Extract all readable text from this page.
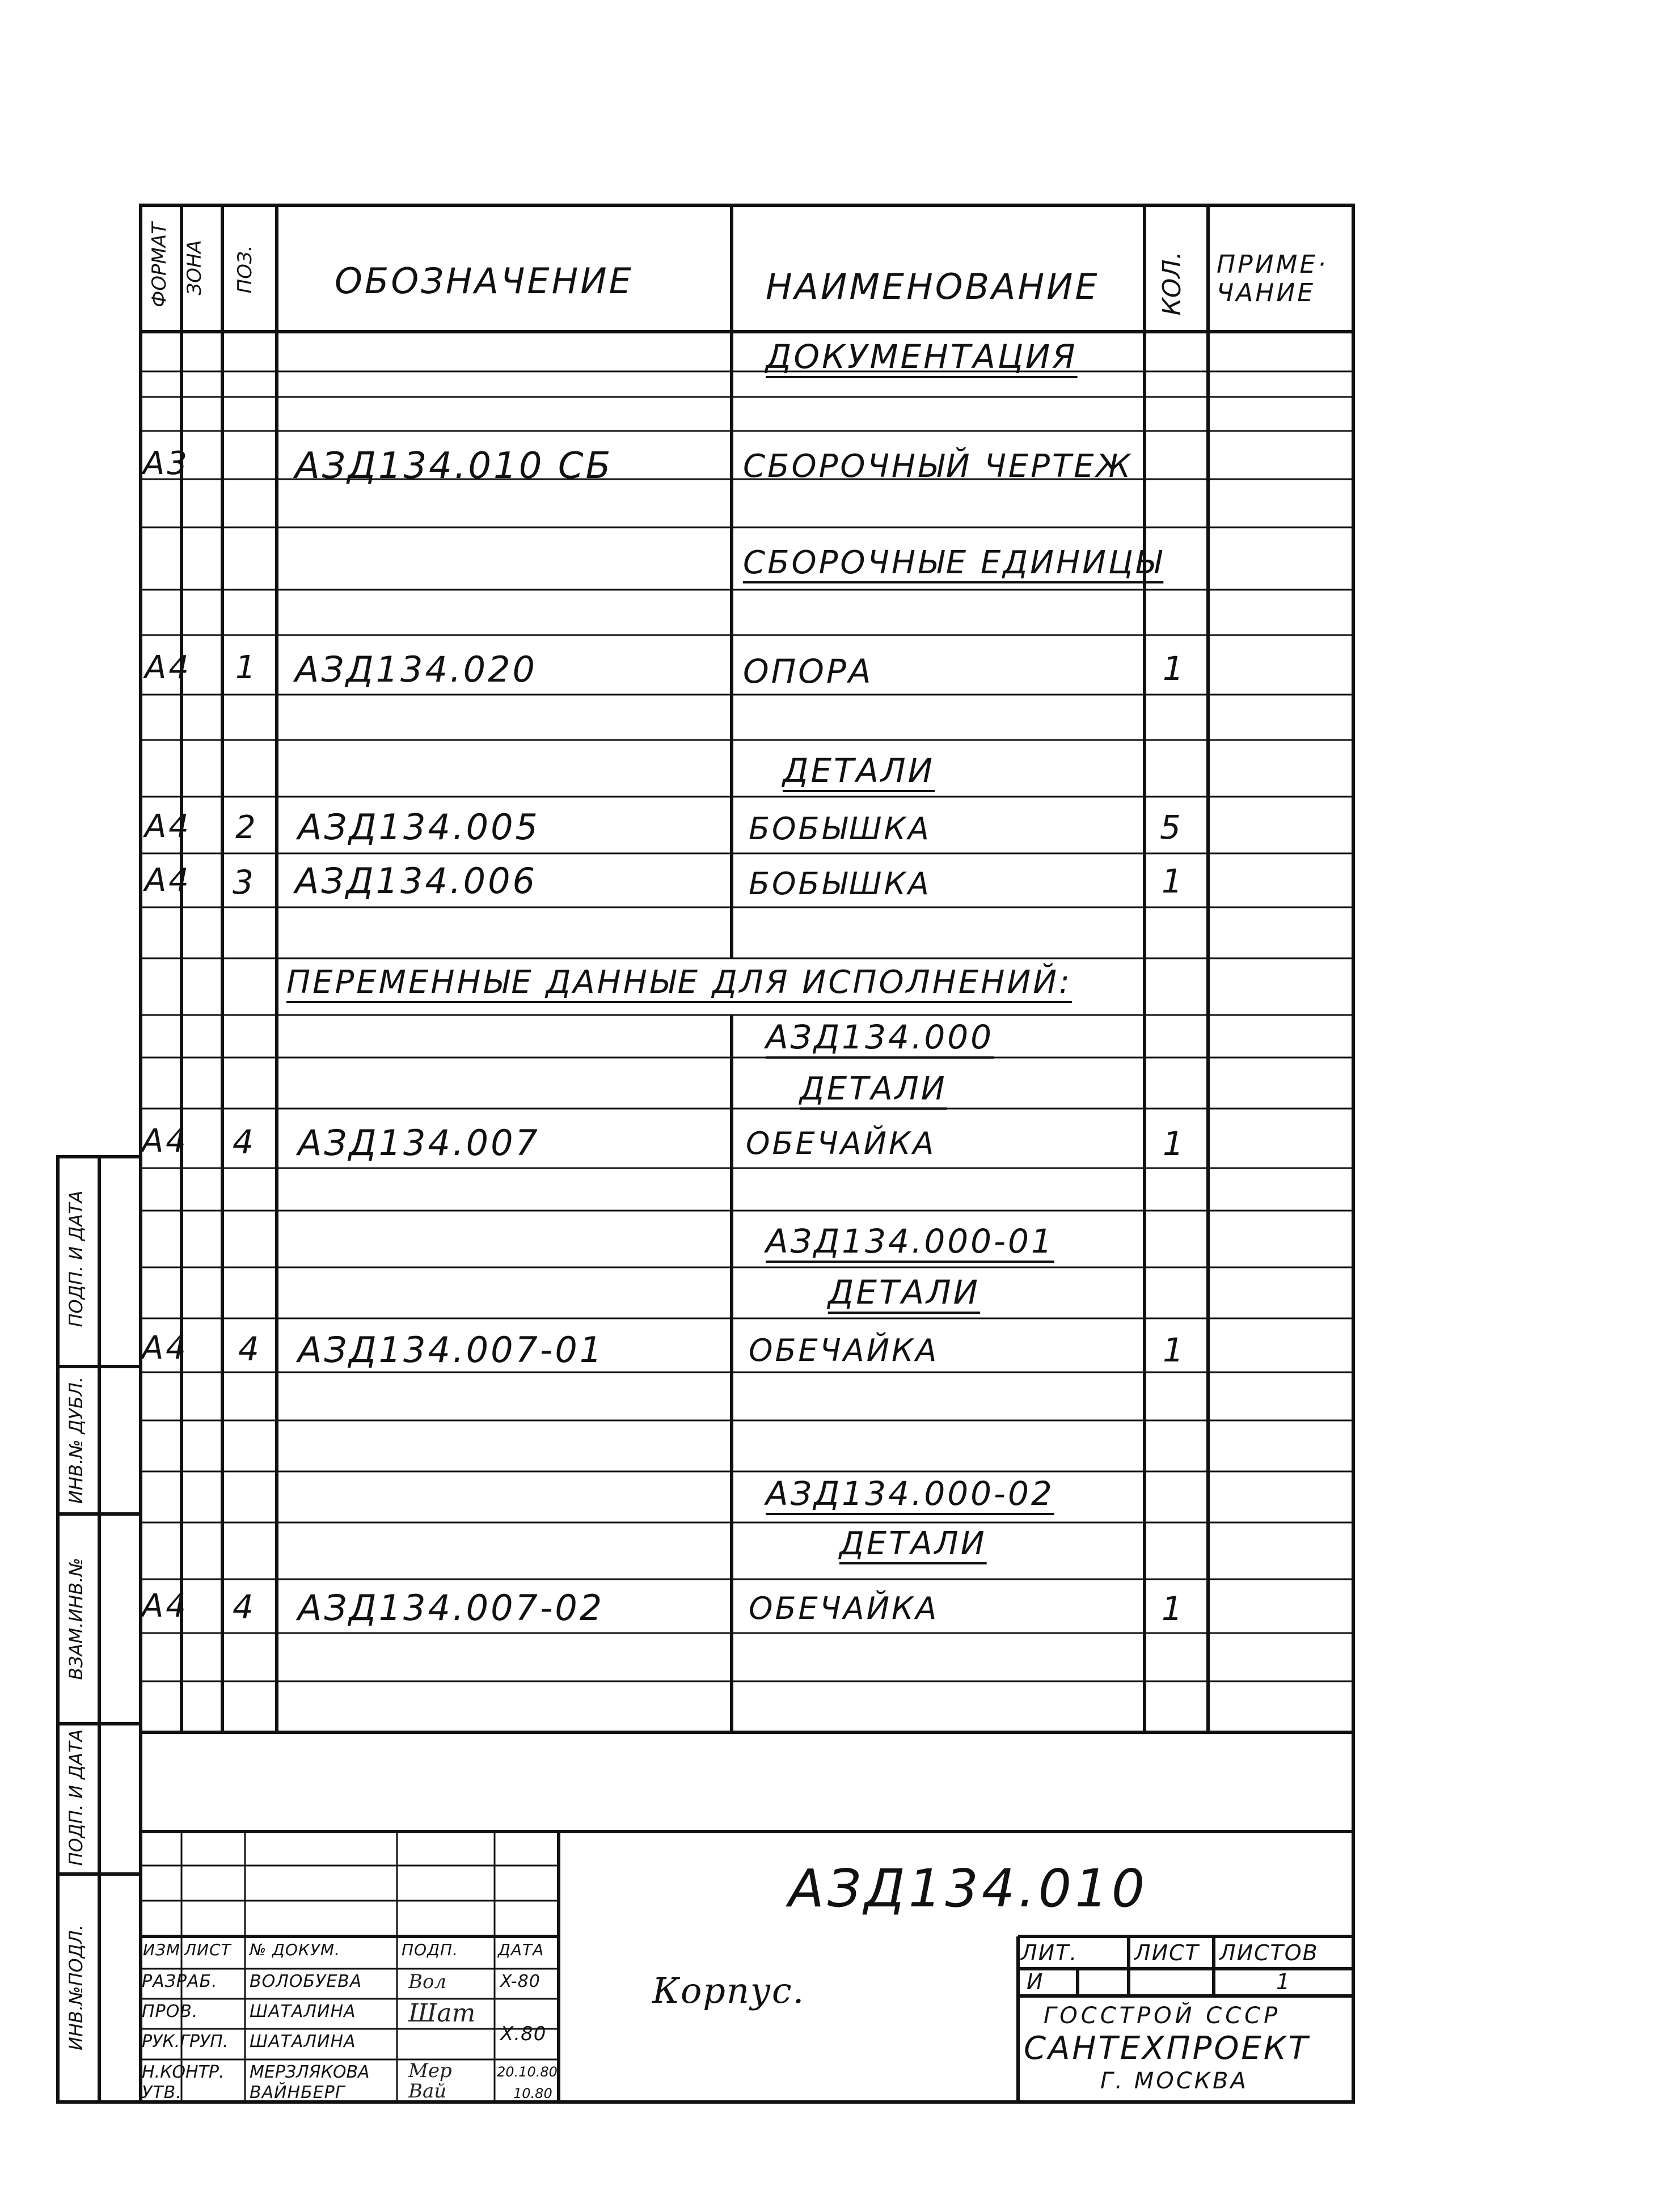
ФОРМАТ ЗОНА ПОЗ. ОБОЗНАЧЕНИЕ	НАИМЕНОВАНИЕ КОЛ. ПРИМЕ·
ЧАНИЕ
ДОКУМЕНТАЦИЯ
А3	АЗД134.010 СБ	СБОРОЧНЫЙ ЧЕРТЕЖ
СБОРОЧНЫЕ ЕДИНИЦЫ
А4 1 АЗД134.020	ОПОРА	1
ДЕТАЛИ
А4 2 АЗД134.005	БОБЫШКА	5
А4 3 АЗД134.006	БОБЫШКА	1
ПЕРЕМЕННЫЕ ДАННЫЕ ДЛЯ ИСПОЛНЕНИЙ:
АЗД134.000
ДЕТАЛИ
А4 4 АЗД134.007	ОБЕЧАЙКА	1
АЗД134.000-01
ДЕТАЛИ
А4 4 АЗД134.007-01	ОБЕЧАЙКА	1
АЗД134.000-02
ДЕТАЛИ
А4 4 АЗД134.007-02	ОБЕЧАЙКА	1
ИНВ.№ПОДЛ.
ПОДП. И ДАТА
ВЗАМ.ИНВ.№
ИНВ.№ ДУБЛ.
ПОДП. И ДАТА
АЗД134.010
Корпус.
ИЗМ ЛИСТ № ДОКУМ.	ПОДП.	ДАТА
РАЗРАБ. ВОЛОБУЕВА Вол	X-80
ПРОВ.	ШАТАЛИНА Шат
РУК.ГРУП. ШАТАЛИНА	X.80
Н.КОНТР. МЕРЗЛЯКОВА Мер	20.10.80
УТВ.	ВАЙНБЕРГ	Вай	10.80
ЛИТ.	ЛИСТ ЛИСТОВ
И	1
ГОССТРОЙ СССР
САНТЕХПРОЕКТ
Г. МОСКВА
